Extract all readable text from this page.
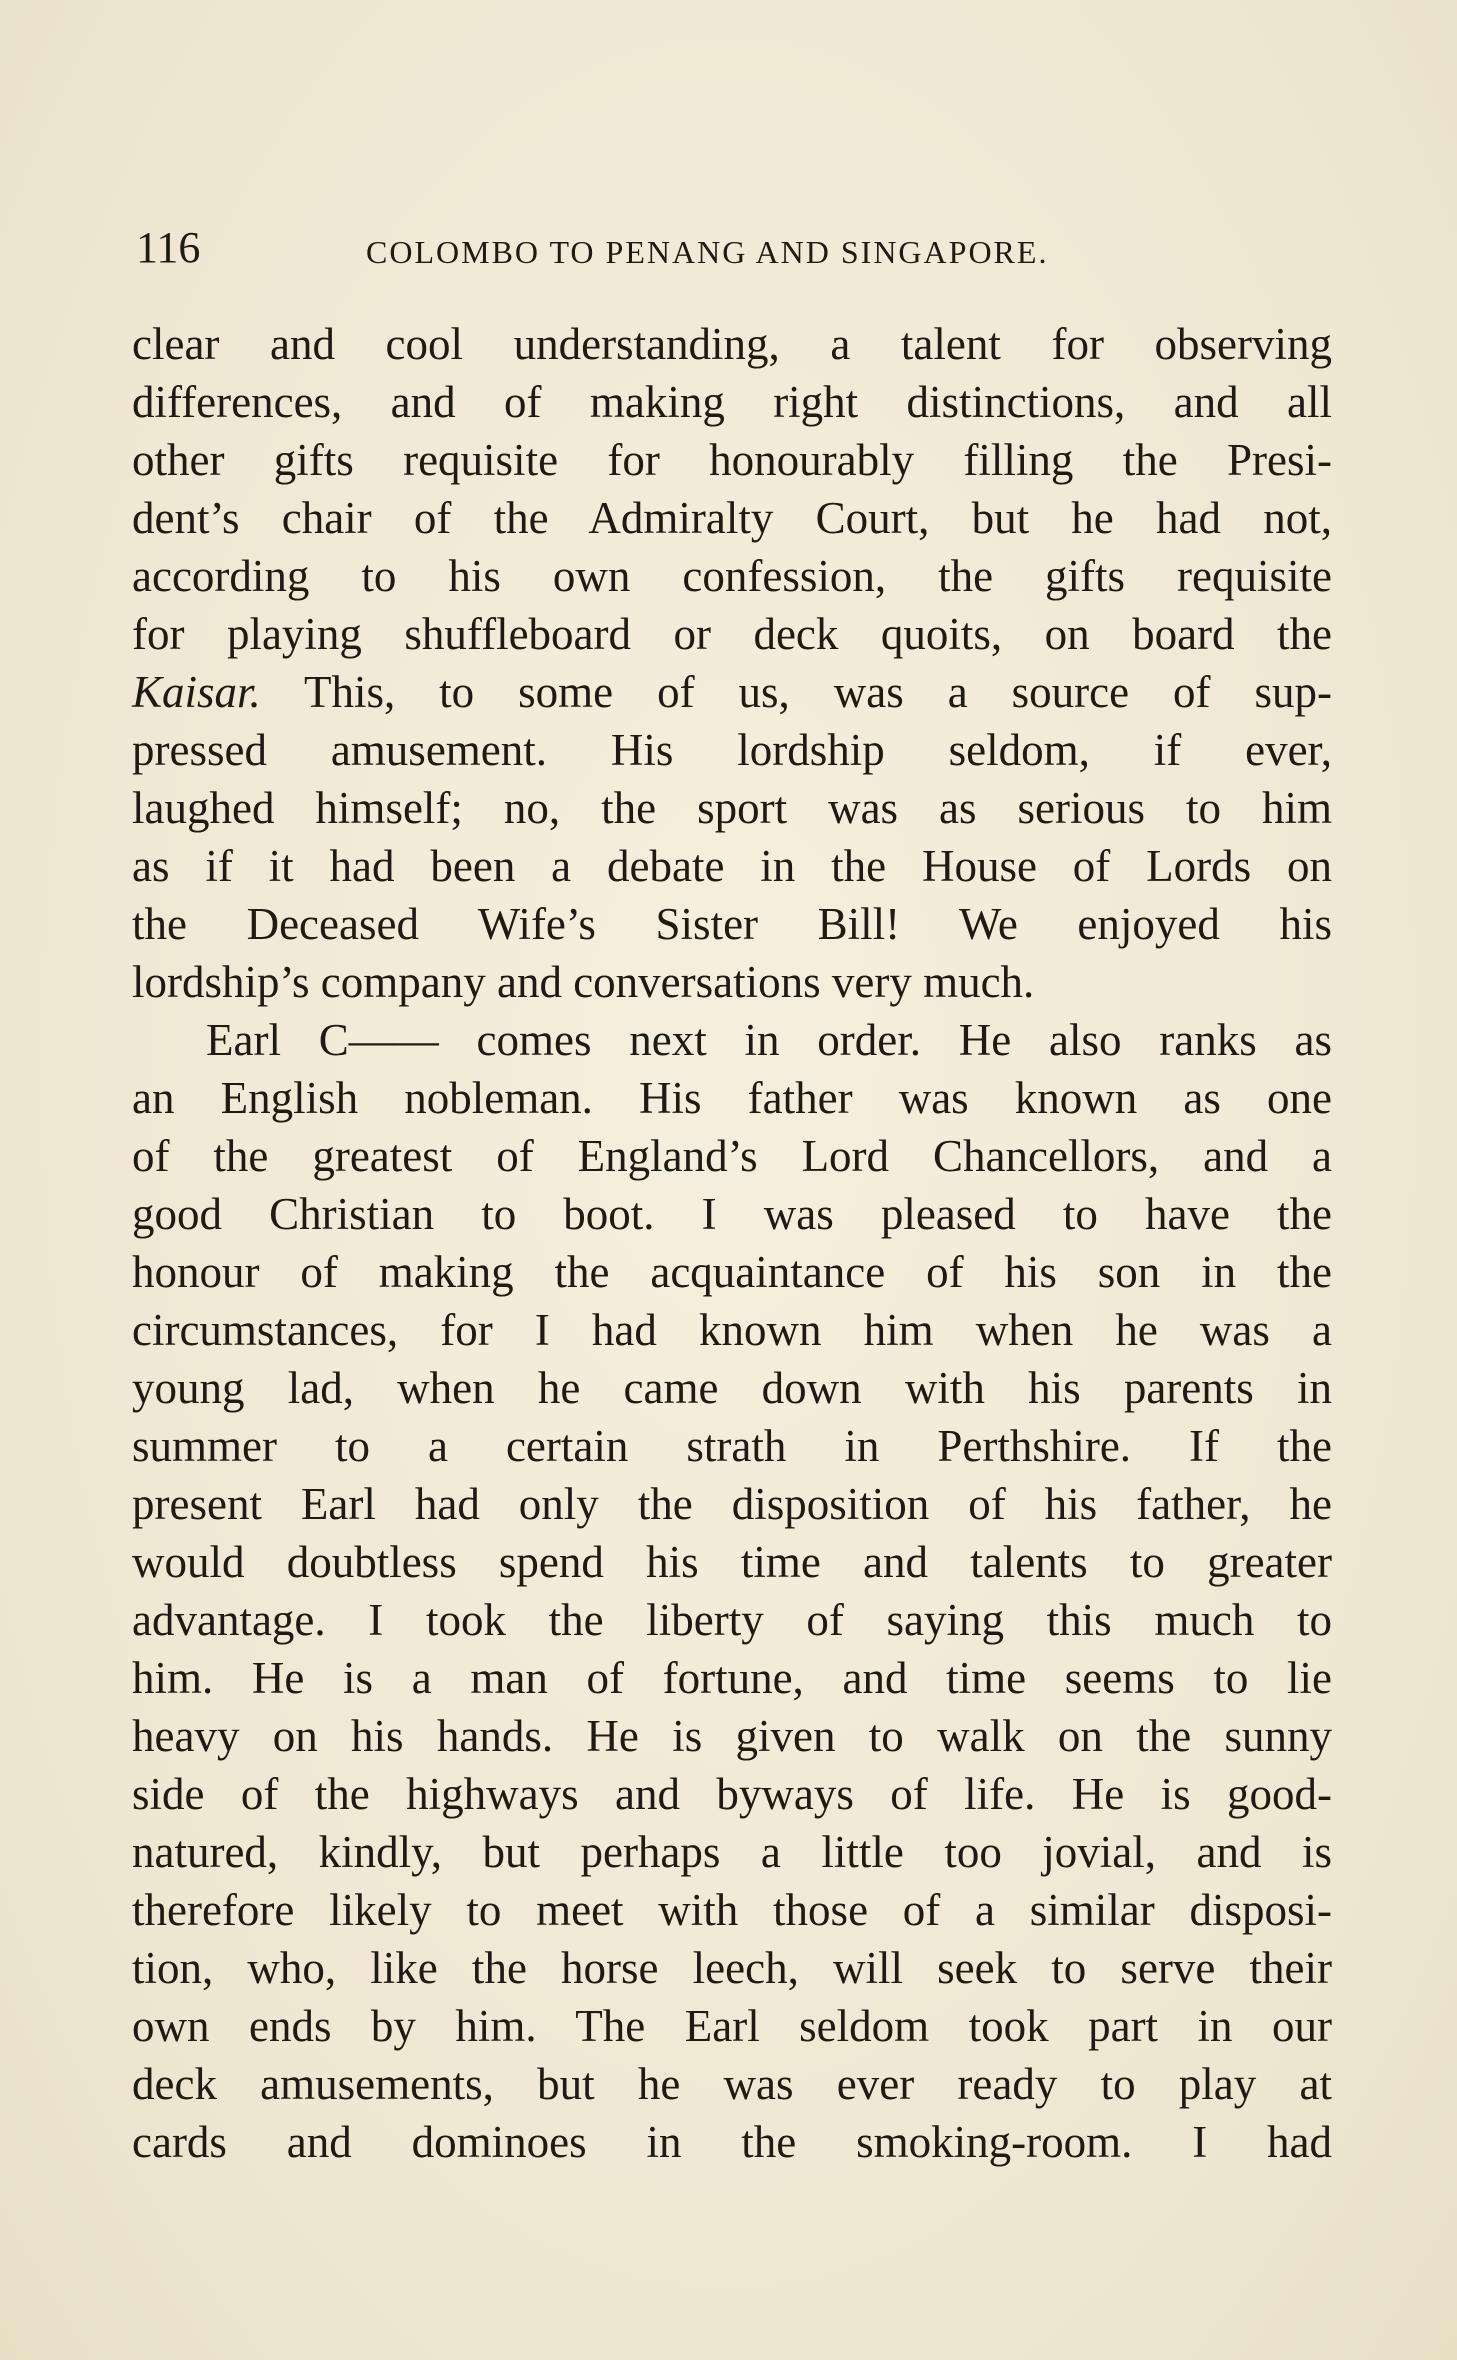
116	COLOMBO TO PENANG AND SINGAPORE.
clear and cool understanding, a talent for observing
differences, and of making right distinctions, and all
other gifts requisite for honourably filling the Presi-
dent’s chair of the Admiralty Court, but he had not,
according to his own confession, the gifts requisite
for playing shuffleboard or deck quoits, on board the
Kaisar. This, to some of us, was a source of sup-
pressed amusement. His lordship seldom, if ever,
laughed himself; no, the sport was as serious to him
as if it had been a debate in the House of Lords on
the Deceased Wife’s Sister Bill! We enjoyed his
lordship’s company and conversations very much.
Earl C—— comes next in order. He also ranks as
an English nobleman. His father was known as one
of the greatest of England’s Lord Chancellors, and a
good Christian to boot. I was pleased to have the
honour of making the acquaintance of his son in the
circumstances, for I had known him when he was a
young lad, when he came down with his parents in
summer to a certain strath in Perthshire. If the
present Earl had only the disposition of his father, he
would doubtless spend his time and talents to greater
advantage. I took the liberty of saying this much to
him. He is a man of fortune, and time seems to lie
heavy on his hands. He is given to walk on the sunny
side of the highways and byways of life. He is good-
natured, kindly, but perhaps a little too jovial, and is
therefore likely to meet with those of a similar disposi-
tion, who, like the horse leech, will seek to serve their
own ends by him. The Earl seldom took part in our
deck amusements, but he was ever ready to play at
cards and dominoes in the smoking-room. I had
